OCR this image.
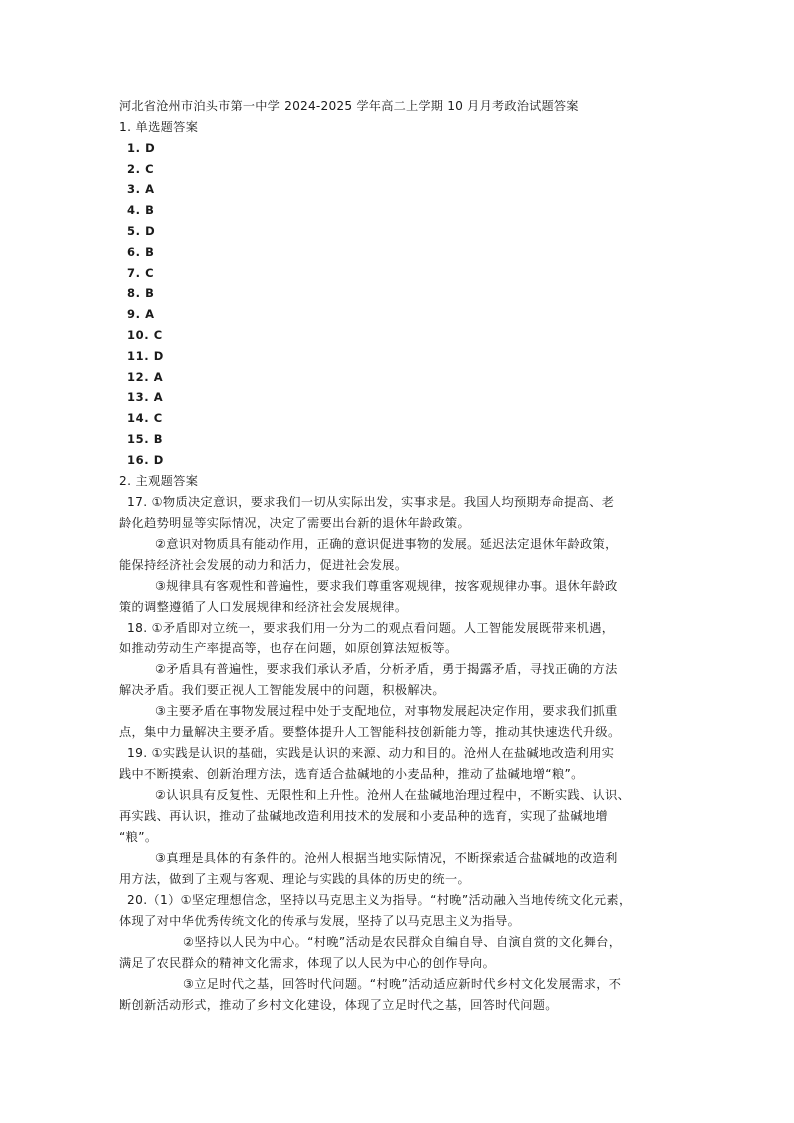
河北省沧州市泊头市第一中学 2024-2025 学年高二上学期 10 月月考政治试题答案
1. 单选题答案
1. D
2. C
3. A
4. B
5. D
6. B
7. C
8. B
9. A
10. C
11. D
12. A
13. A
14. C
15. B
16. D
2. 主观题答案
17. ①物质决定意识，要求我们一切从实际出发，实事求是。我国人均预期寿命提高、老
龄化趋势明显等实际情况，决定了需要出台新的退休年龄政策。
②意识对物质具有能动作用，正确的意识促进事物的发展。延迟法定退休年龄政策，
能保持经济社会发展的动力和活力，促进社会发展。
③规律具有客观性和普遍性，要求我们尊重客观规律，按客观规律办事。退休年龄政
策的调整遵循了人口发展规律和经济社会发展规律。
18. ①矛盾即对立统一，要求我们用一分为二的观点看问题。人工智能发展既带来机遇，
如推动劳动生产率提高等，也存在问题，如原创算法短板等。
②矛盾具有普遍性，要求我们承认矛盾，分析矛盾，勇于揭露矛盾，寻找正确的方法
解决矛盾。我们要正视人工智能发展中的问题，积极解决。
③主要矛盾在事物发展过程中处于支配地位，对事物发展起决定作用，要求我们抓重
点，集中力量解决主要矛盾。要整体提升人工智能科技创新能力等，推动其快速迭代升级。
19. ①实践是认识的基础，实践是认识的来源、动力和目的。沧州人在盐碱地改造利用实
践中不断摸索、创新治理方法，选育适合盐碱地的小麦品种，推动了盐碱地增“粮”。
②认识具有反复性、无限性和上升性。沧州人在盐碱地治理过程中，不断实践、认识、
再实践、再认识，推动了盐碱地改造利用技术的发展和小麦品种的选育，实现了盐碱地增
“粮”。
③真理是具体的有条件的。沧州人根据当地实际情况，不断探索适合盐碱地的改造利
用方法，做到了主观与客观、理论与实践的具体的历史的统一。
20.（1）①坚定理想信念，坚持以马克思主义为指导。“村晚”活动融入当地传统文化元素，
体现了对中华优秀传统文化的传承与发展，坚持了以马克思主义为指导。
②坚持以人民为中心。“村晚”活动是农民群众自编自导、自演自赏的文化舞台，
满足了农民群众的精神文化需求，体现了以人民为中心的创作导向。
③立足时代之基，回答时代问题。“村晚”活动适应新时代乡村文化发展需求，不
断创新活动形式，推动了乡村文化建设，体现了立足时代之基，回答时代问题。
